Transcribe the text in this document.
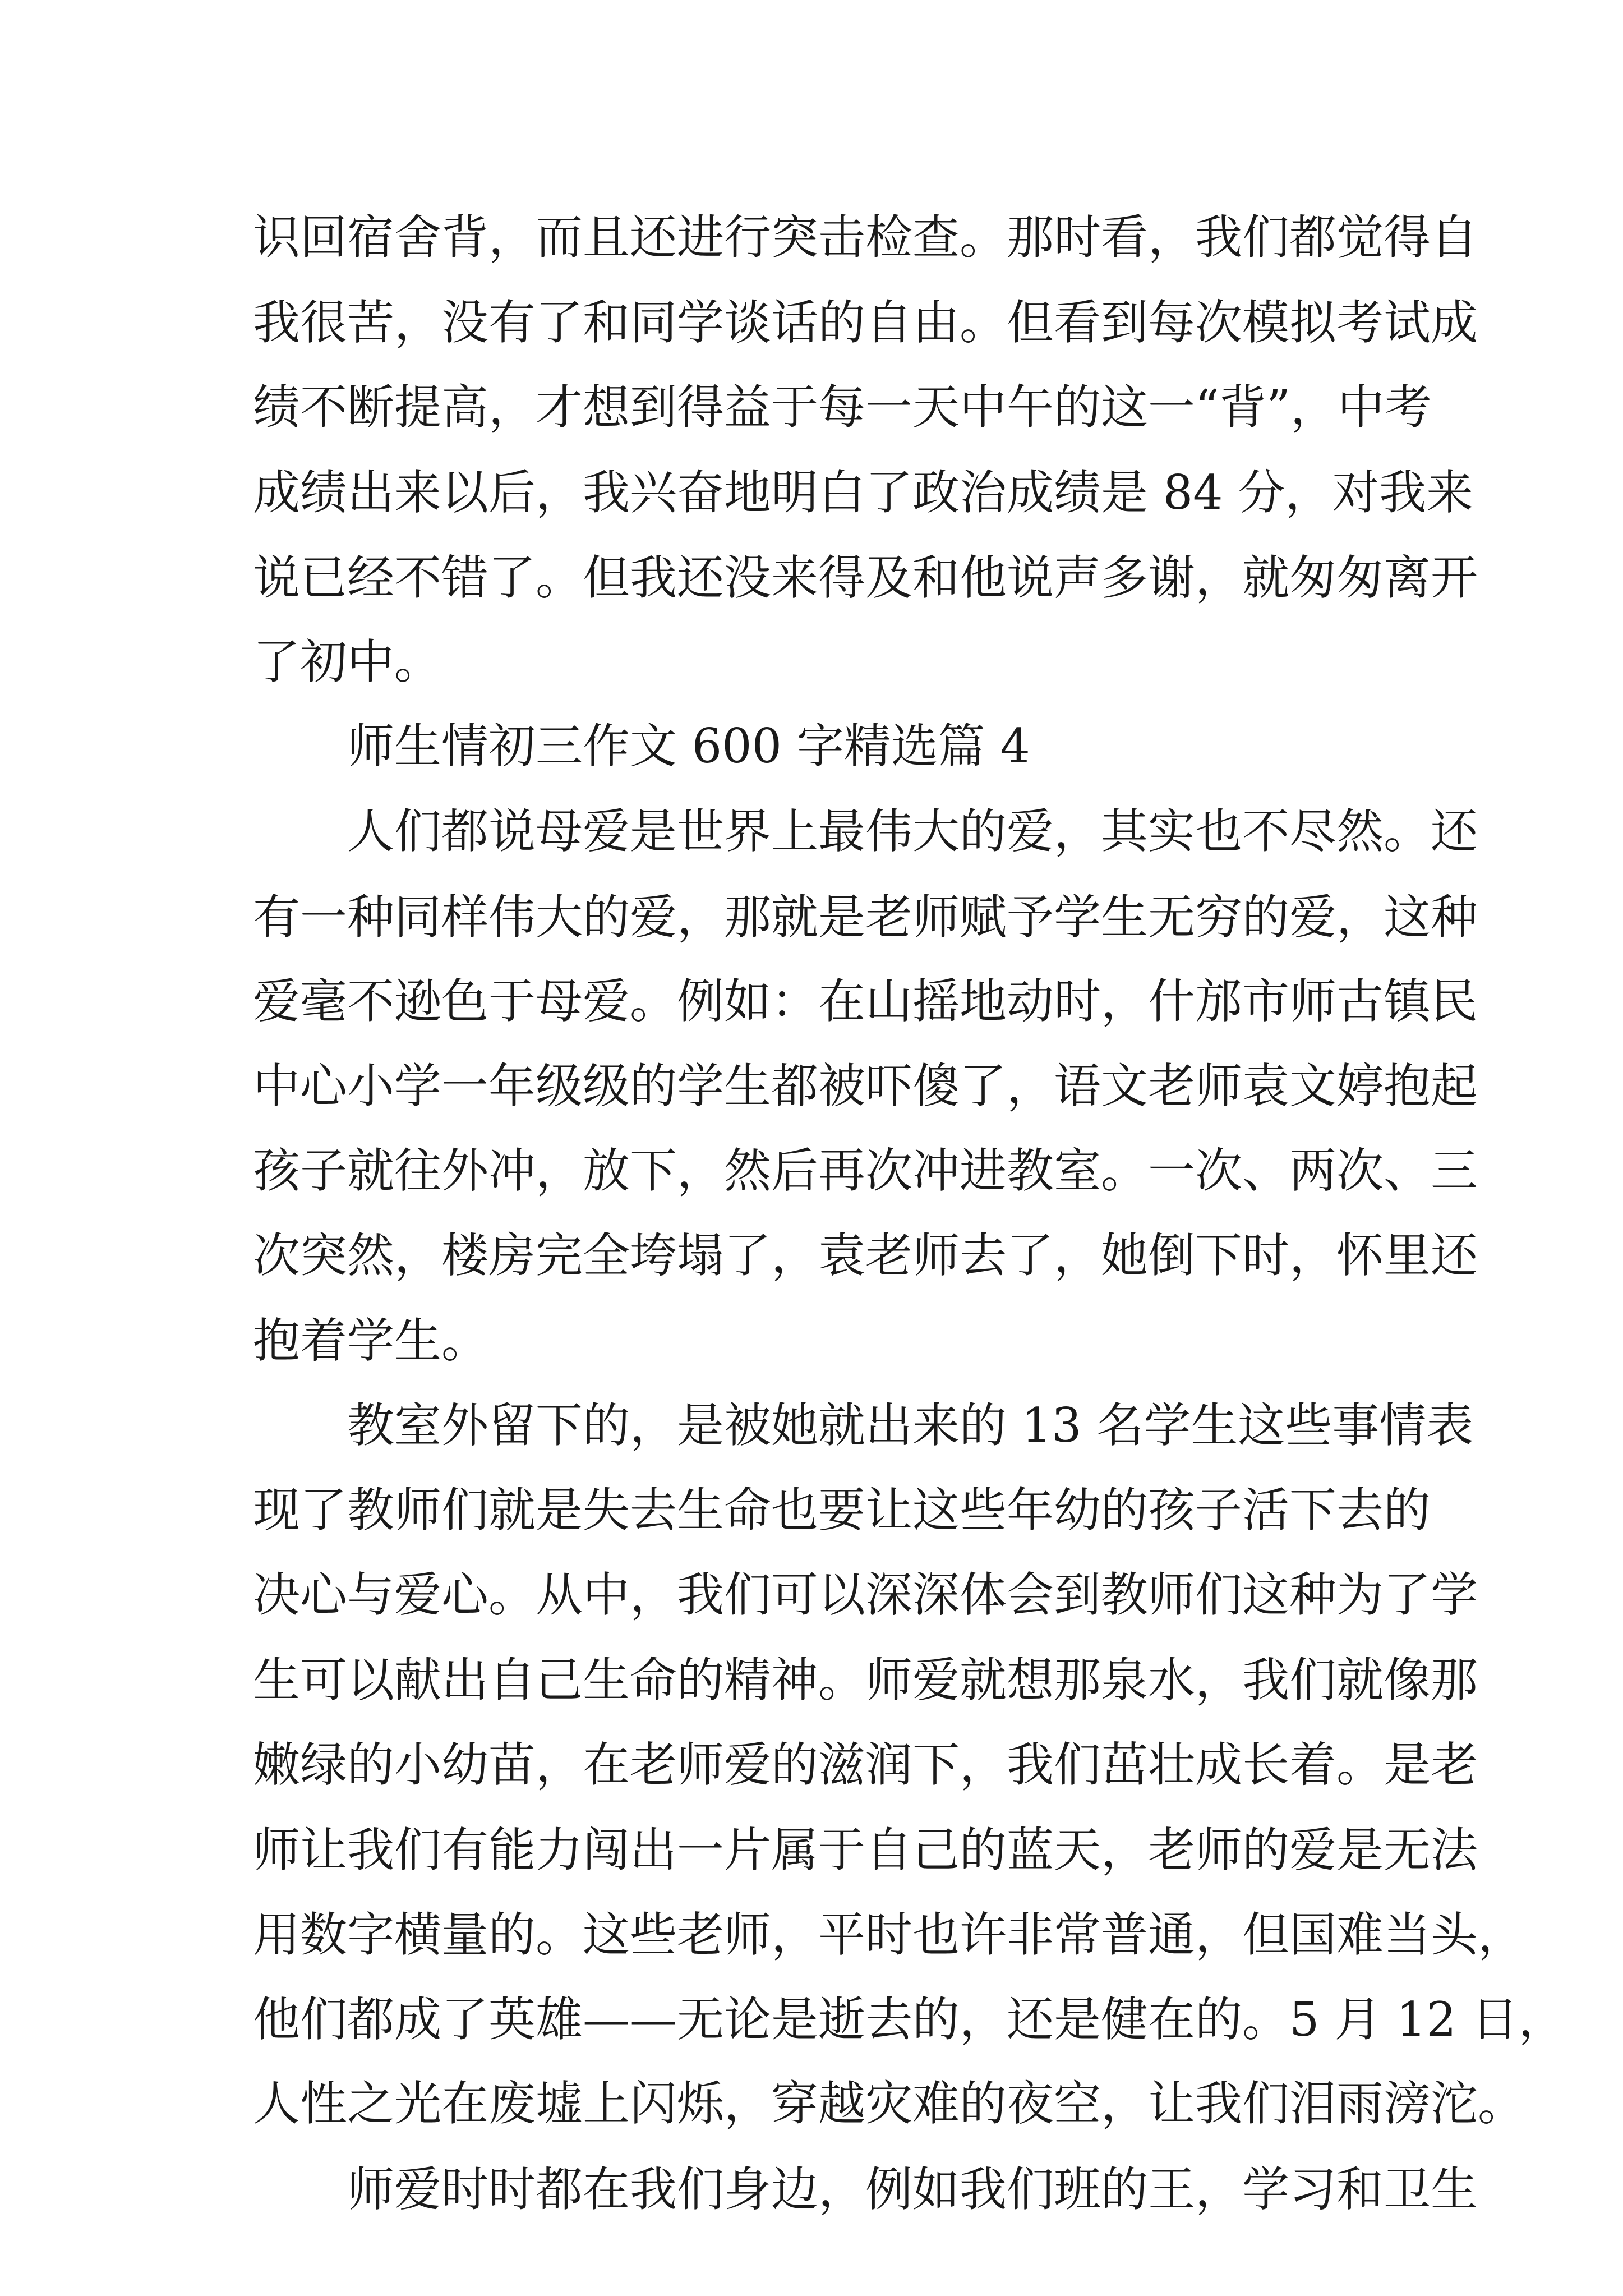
识回宿舍背，而且还进行突击检查。那时看，我们都觉得自
我很苦，没有了和同学谈话的自由。但看到每次模拟考试成
绩不断提高，才想到得益于每一天中午的这一“背”，中考
成绩出来以后，我兴奋地明白了政治成绩是 84 分，对我来
说已经不错了。但我还没来得及和他说声多谢，就匆匆离开
了初中。
师生情初三作文 600 字精选篇 4
人们都说母爱是世界上最伟大的爱，其实也不尽然。还
有一种同样伟大的爱，那就是老师赋予学生无穷的爱，这种
爱毫不逊色于母爱。例如：在山摇地动时，什邡市师古镇民
中心小学一年级级的学生都被吓傻了，语文老师袁文婷抱起
孩子就往外冲，放下，然后再次冲进教室。一次、两次、三
次突然，楼房完全垮塌了，袁老师去了，她倒下时，怀里还
抱着学生。
教室外留下的，是被她就出来的 13 名学生这些事情表
现了教师们就是失去生命也要让这些年幼的孩子活下去的
决心与爱心。从中，我们可以深深体会到教师们这种为了学
生可以献出自己生命的精神。师爱就想那泉水，我们就像那
嫩绿的小幼苗，在老师爱的滋润下，我们茁壮成长着。是老
师让我们有能力闯出一片属于自己的蓝天，老师的爱是无法
用数字横量的。这些老师，平时也许非常普通，但国难当头，
他们都成了英雄——无论是逝去的，还是健在的。5 月 12 日，
人性之光在废墟上闪烁，穿越灾难的夜空，让我们泪雨滂沱。
师爱时时都在我们身边，例如我们班的王，学习和卫生
